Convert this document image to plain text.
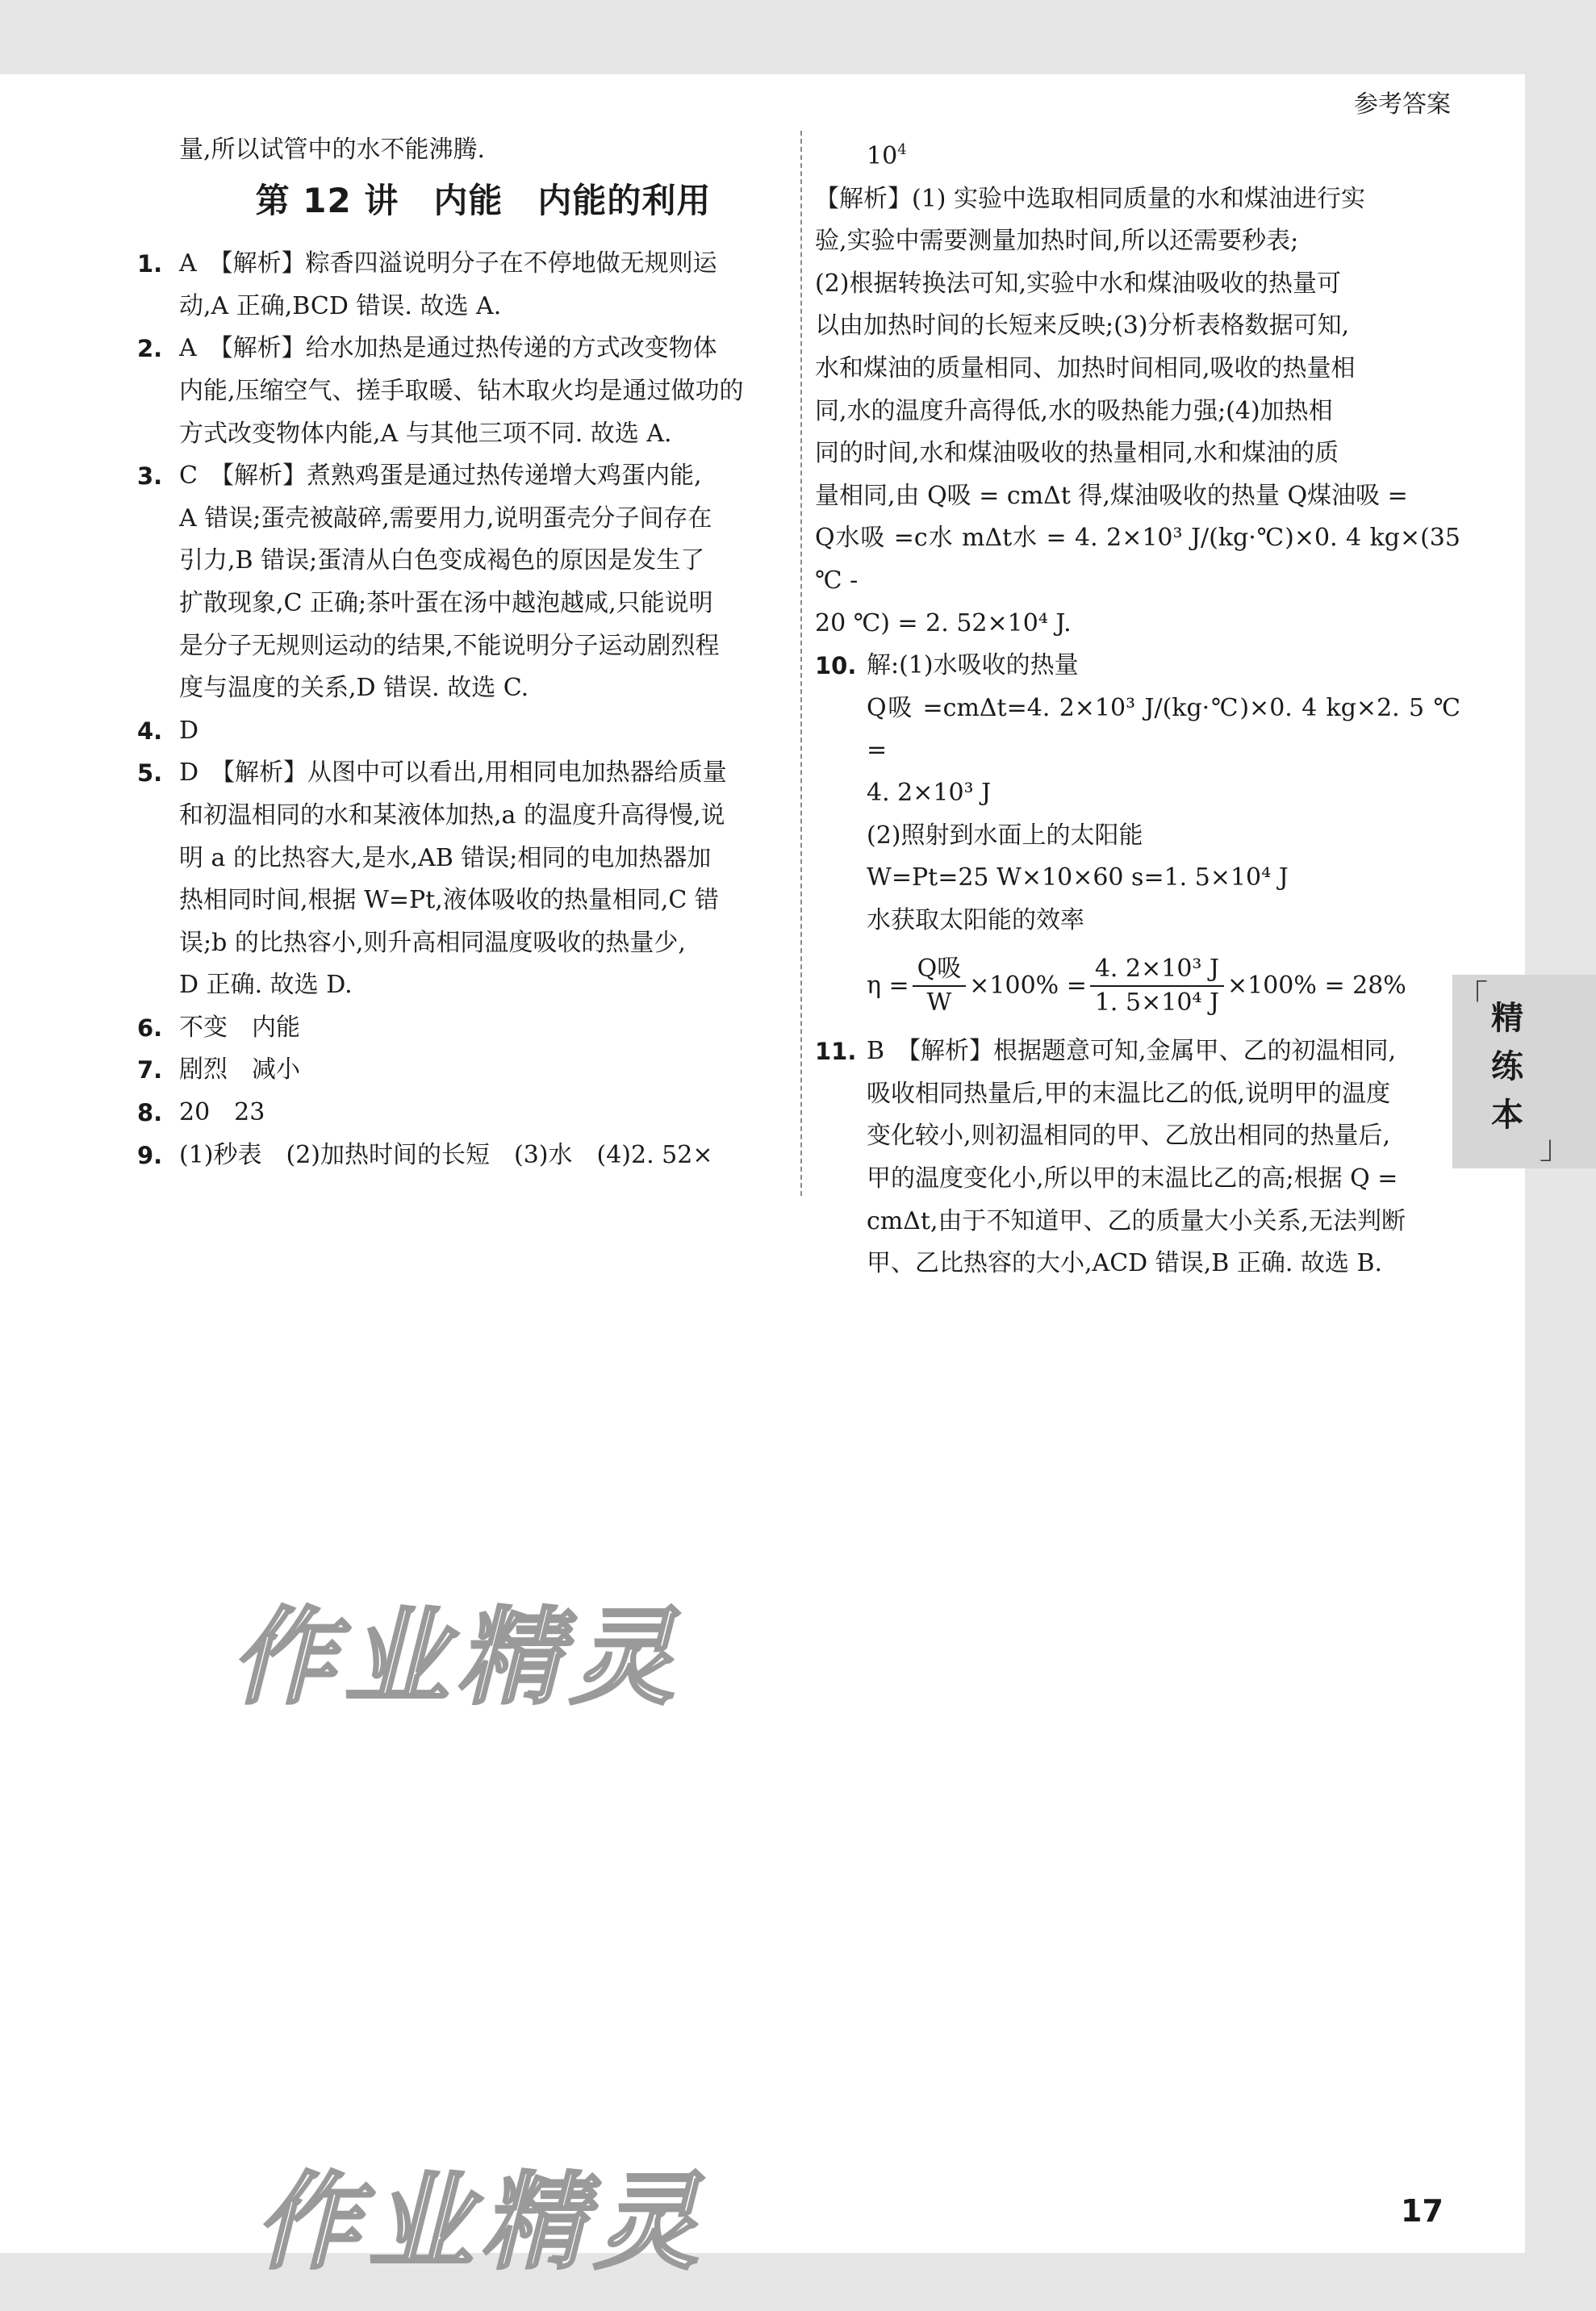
参考答案

量,所以试管中的水不能沸腾.

第 12 讲　内能　内能的利用
1. A　【解析】粽香四溢说明分子在不停地做无规则运

动,A 正确,BCD 错误. 故选 A.

2. A　【解析】给水加热是通过热传递的方式改变物体

内能,压缩空气、搓手取暖、钻木取火均是通过做功的

方式改变物体内能,A 与其他三项不同. 故选 A.

3. C　【解析】煮熟鸡蛋是通过热传递增大鸡蛋内能,

A 错误;蛋壳被敲碎,需要用力,说明蛋壳分子间存在

引力,B 错误;蛋清从白色变成褐色的原因是发生了

扩散现象,C 正确;茶叶蛋在汤中越泡越咸,只能说明

是分子无规则运动的结果,不能说明分子运动剧烈程

度与温度的关系,D 错误. 故选 C.

4. D

5. D　【解析】从图中可以看出,用相同电加热器给质量

和初温相同的水和某液体加热,a 的温度升高得慢,说

明 a 的比热容大,是水,AB 错误;相同的电加热器加

热相同时间,根据 W=Pt,液体吸收的热量相同,C 错

误;b 的比热容小,则升高相同温度吸收的热量少,

D 正确. 故选 D.

6. 不变　内能

7. 剧烈　减小

8. 20　23

9. (1)秒表　(2)加热时间的长短　(3)水　(4)2. 52×

$10^4$

【解析】(1) 实验中选取相同质量的水和煤油进行实

验,实验中需要测量加热时间,所以还需要秒表;

(2)根据转换法可知,实验中水和煤油吸收的热量可

以由加热时间的长短来反映;(3)分析表格数据可知,

水和煤油的质量相同、加热时间相同,吸收的热量相

同,水的温度升高得低,水的吸热能力强;(4)加热相

同的时间,水和煤油吸收的热量相同,水和煤油的质

量相同,由 Q吸 = cmΔt 得,煤油吸收的热量 Q煤油吸 =

Q水吸 =c水 mΔt水 = 4. 2×10³ J/(kg·℃)×0. 4 kg×(35 ℃ -

20 ℃) = 2. 52×10⁴ J.

10. 解:(1)水吸收的热量

Q吸 =cmΔt=4. 2×10³ J/(kg·℃)×0. 4 kg×2. 5 ℃ =

4. 2×10³ J

(2)照射到水面上的太阳能

W=Pt=25 W×10×60 s=1. 5×10⁴ J

水获取太阳能的效率

$\eta = \frac{\text{Q吸}}{W} \times 100\% = \frac{\text{4. 2×10³ J}}{\text{1. 5×10⁴ J}} \times 100\% = 28\%$
11. B　【解析】根据题意可知,金属甲、乙的初温相同,

吸收相同热量后,甲的末温比乙的低,说明甲的温度

变化较小,则初温相同的甲、乙放出相同的热量后,

甲的温度变化小,所以甲的末温比乙的高;根据 Q =

cmΔt,由于不知道甲、乙的质量大小关系,无法判断

甲、乙比热容的大小,ACD 错误,B 正确. 故选 B.

「
」
精
练
本
作业精灵
作业精灵	17
